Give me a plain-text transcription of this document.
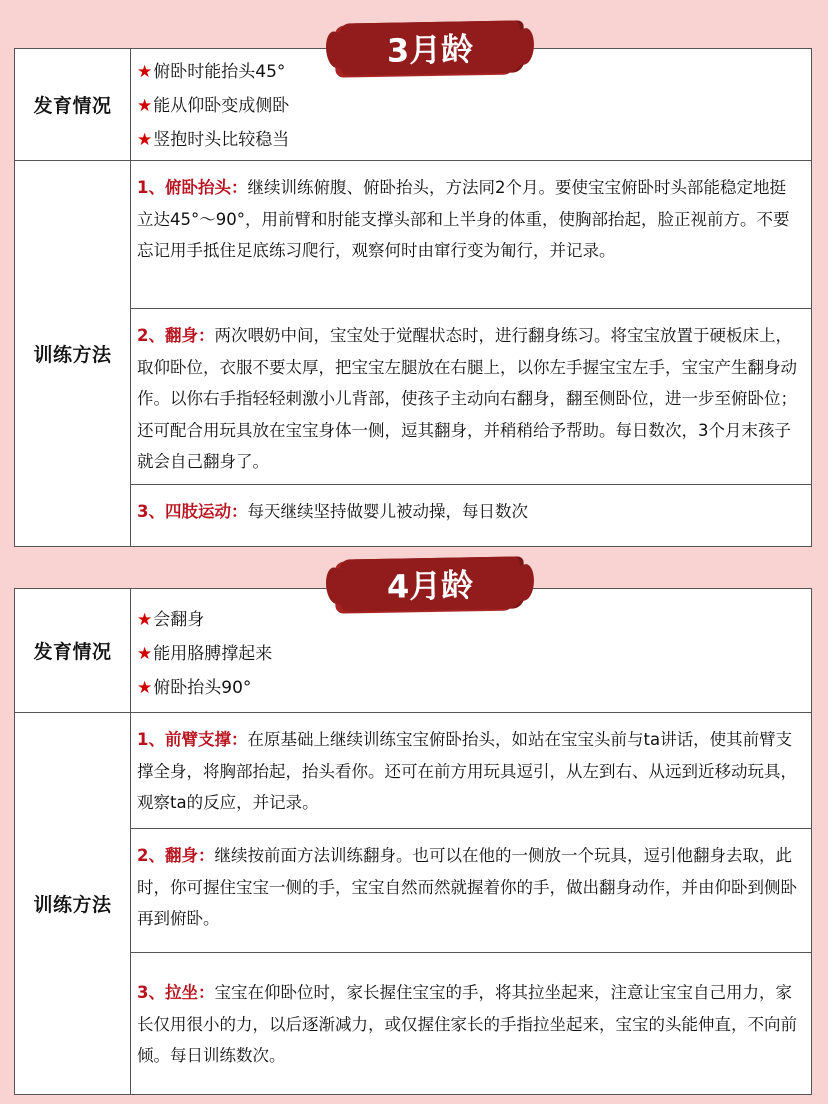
发育情况
★俯卧时能抬头45°
★能从仰卧变成侧卧
★竖抱时头比较稳当
训练方法
1、俯卧抬头：继续训练俯腹、俯卧抬头，方法同2个月。要使宝宝俯卧时头部能稳定地挺立达45°～90°，用前臂和肘能支撑头部和上半身的体重，使胸部抬起，脸正视前方。不要忘记用手抵住足底练习爬行，观察何时由窜行变为匍行，并记录。
2、翻身：两次喂奶中间，宝宝处于觉醒状态时，进行翻身练习。将宝宝放置于硬板床上，取仰卧位，衣服不要太厚，把宝宝左腿放在右腿上，以你左手握宝宝左手，宝宝产生翻身动作。以你右手指轻轻刺激小儿背部，使孩子主动向右翻身，翻至侧卧位，进一步至俯卧位；还可配合用玩具放在宝宝身体一侧，逗其翻身，并稍稍给予帮助。每日数次，3个月末孩子就会自己翻身了。
3、四肢运动：每天继续坚持做婴儿被动操，每日数次
3月龄
发育情况
★会翻身
★能用胳膊撑起来
★俯卧抬头90°
训练方法
1、前臂支撑：在原基础上继续训练宝宝俯卧抬头，如站在宝宝头前与ta讲话，使其前臂支撑全身，将胸部抬起，抬头看你。还可在前方用玩具逗引，从左到右、从远到近移动玩具，观察ta的反应，并记录。
2、翻身：继续按前面方法训练翻身。也可以在他的一侧放一个玩具，逗引他翻身去取，此时，你可握住宝宝一侧的手，宝宝自然而然就握着你的手，做出翻身动作，并由仰卧到侧卧再到俯卧。
3、拉坐：宝宝在仰卧位时，家长握住宝宝的手，将其拉坐起来，注意让宝宝自己用力，家长仅用很小的力，以后逐渐减力，或仅握住家长的手指拉坐起来，宝宝的头能伸直，不向前倾。每日训练数次。
4月龄
